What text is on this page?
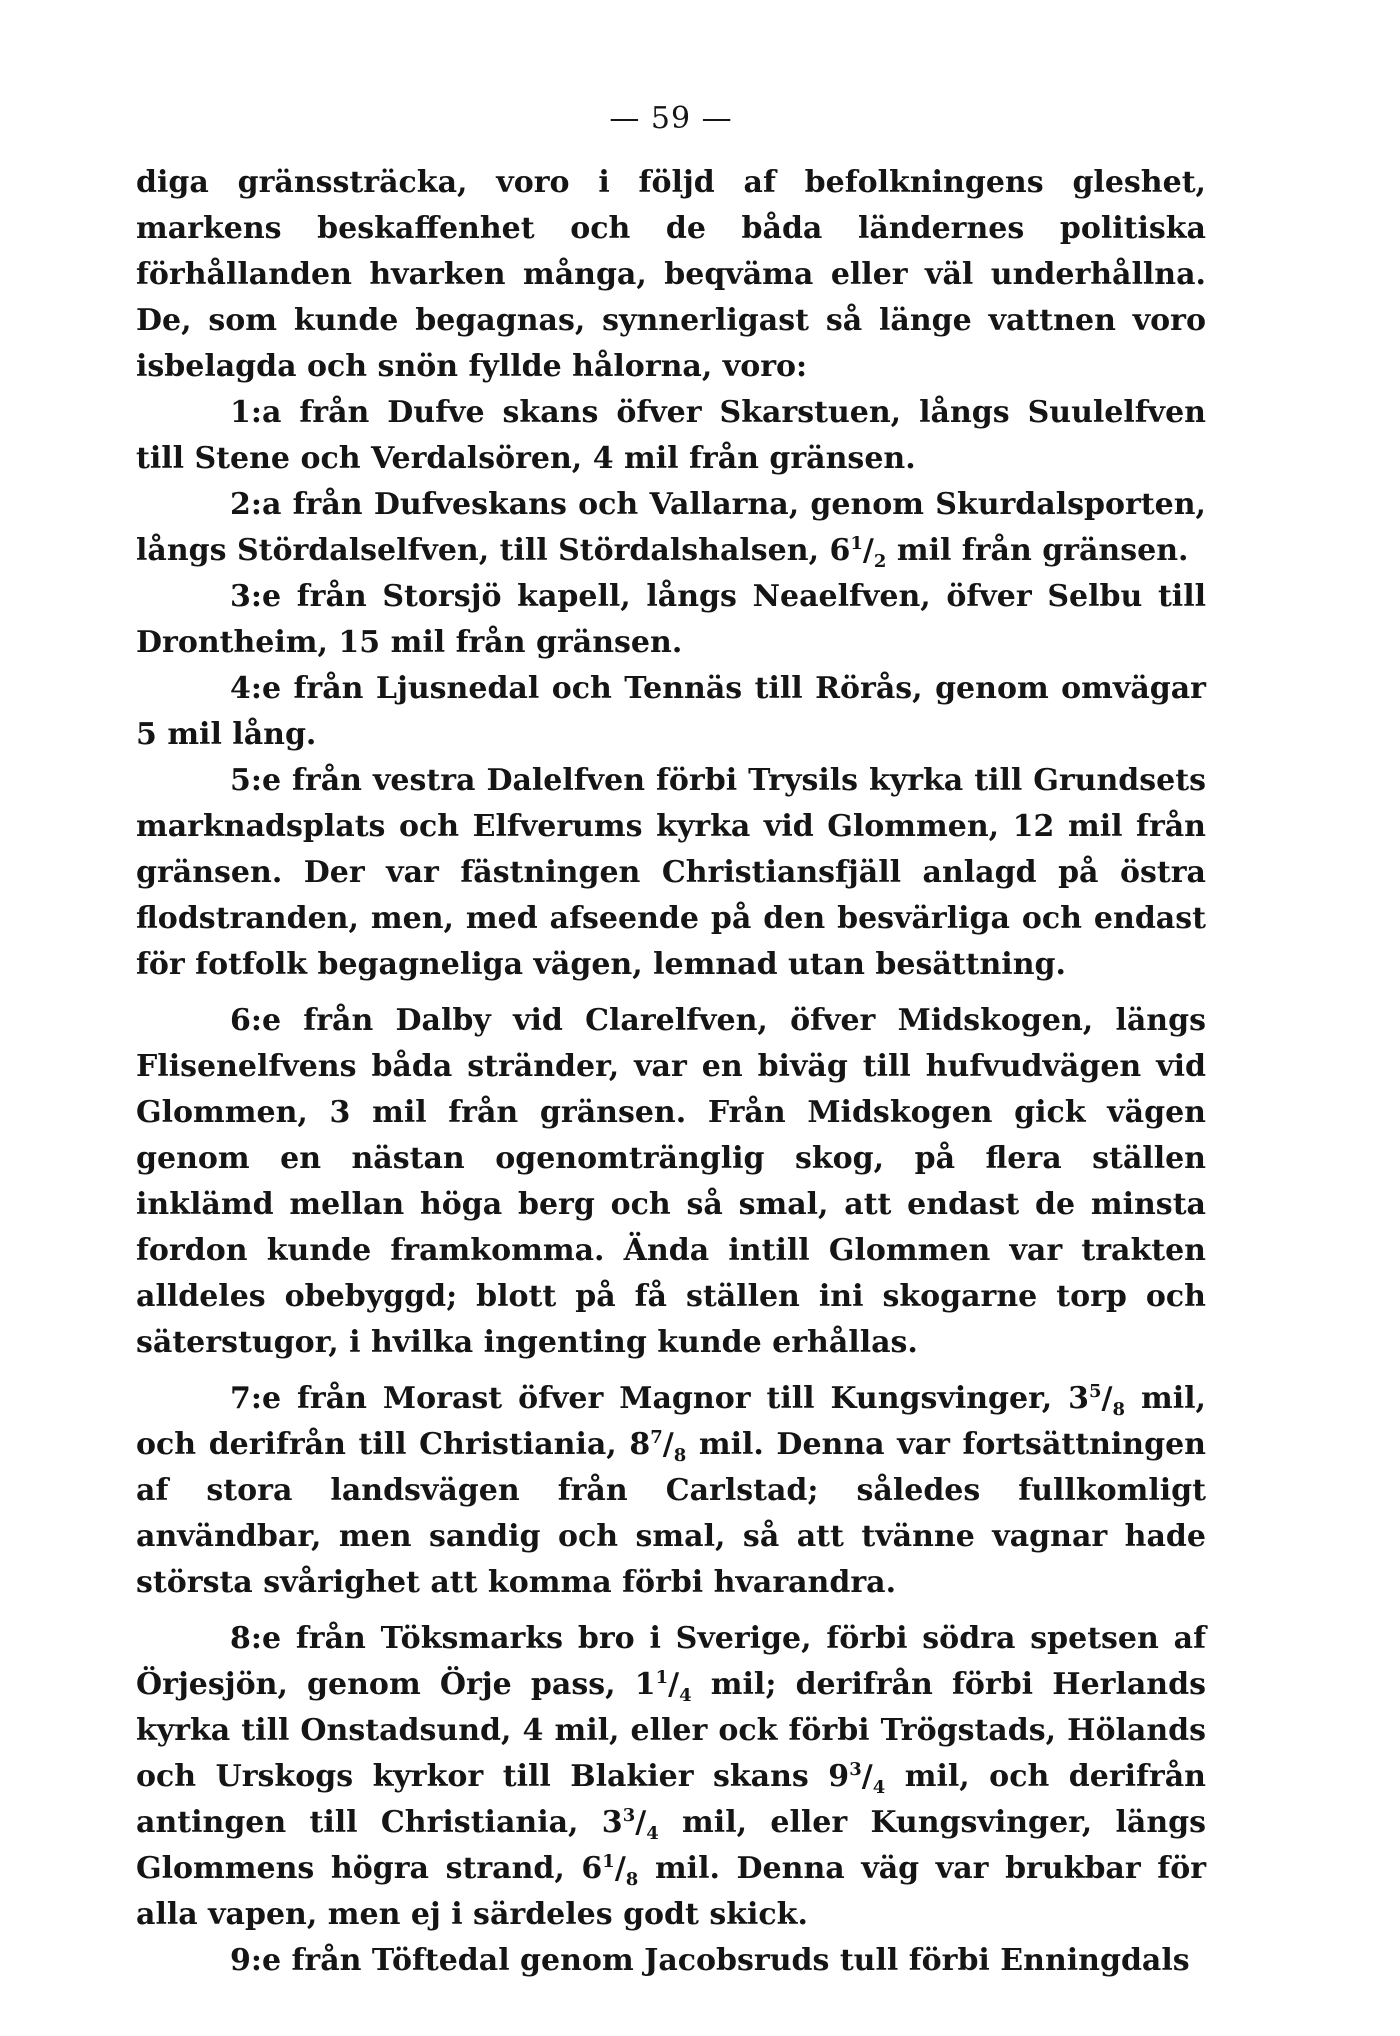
— 59 —

diga gränssträcka, voro i följd af befolkningens gleshet, markens beskaffenhet och de båda ländernes politiska förhållanden hvarken många, beqväma eller väl underhållna. De, som kunde begagnas, synnerligast så länge vattnen voro isbelagda och snön fyllde hålorna, voro:

1:a från Dufve skans öfver Skarstuen, långs Suulelfven till Stene och Verdalsören, 4 mil från gränsen.

2:a från Dufveskans och Vallarna, genom Skurdalsporten, långs Stördalselfven, till Stördalshalsen, $6^1/_2$ mil från gränsen.

3:e från Storsjö kapell, långs Neaelfven, öfver Selbu till Drontheim, 15 mil från gränsen.

4:e från Ljusnedal och Tennäs till Rörås, genom omvägar 5 mil lång.

5:e från vestra Dalelfven förbi Trysils kyrka till Grundsets marknadsplats och Elfverums kyrka vid Glommen, 12 mil från gränsen. Der var fästningen Christiansfjäll anlagd på östra flodstranden, men, med afseende på den besvärliga och endast för fotfolk begagneliga vägen, lemnad utan besättning.

6:e från Dalby vid Clarelfven, öfver Midskogen, längs Flisenelfvens båda stränder, var en biväg till hufvudvägen vid Glommen, 3 mil från gränsen. Från Midskogen gick vägen genom en nästan ogenomtränglig skog, på flera ställen inklämd mellan höga berg och så smal, att endast de minsta fordon kunde framkomma. Ända intill Glommen var trakten alldeles obebyggd; blott på få ställen ini skogarne torp och säterstugor, i hvilka ingenting kunde erhållas.

7:e från Morast öfver Magnor till Kungsvinger, $3^5/_8$ mil, och derifrån till Christiania, $8^7/_8$ mil. Denna var fortsättningen af stora landsvägen från Carlstad; således fullkomligt användbar, men sandig och smal, så att tvänne vagnar hade största svårighet att komma förbi hvarandra.

8:e från Töksmarks bro i Sverige, förbi södra spetsen af Örjesjön, genom Örje pass, $1^1/_4$ mil; derifrån förbi Herlands kyrka till Onstadsund, 4 mil, eller ock förbi Trögstads, Hölands och Urskogs kyrkor till Blakier skans $9^3/_4$ mil, och derifrån antingen till Christiania, $3^3/_4$ mil, eller Kungsvinger, längs Glommens högra strand, $6^1/_8$ mil. Denna väg var brukbar för alla vapen, men ej i särdeles godt skick.

9:e från Töftedal genom Jacobsruds tull förbi Enningdals
